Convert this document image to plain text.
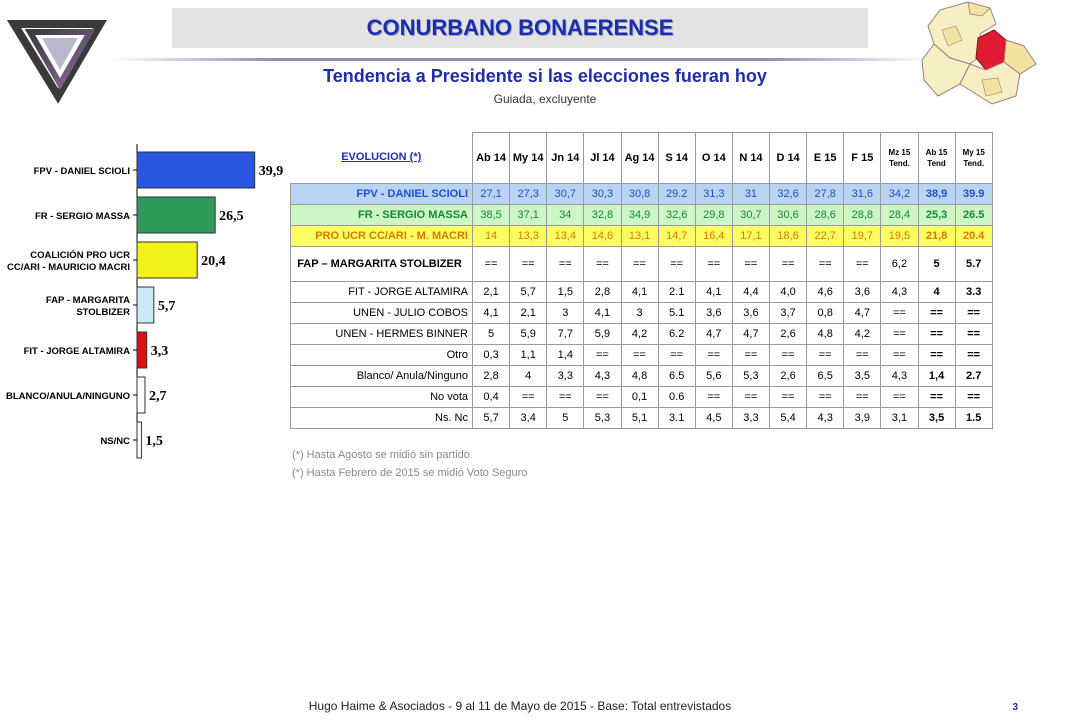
CONURBANO BONAERENSE
Tendencia a Presidente si las elecciones fueran hoy
Guiada, excluyente
39,9
FPV - DANIEL SCIOLI
26,5
FR - SERGIO MASSA
20,4
COALICIÓN PRO UCR
CC/ARI - MAURICIO MACRI
5,7
FAP - MARGARITA
STOLBIZER
3,3
FIT - JORGE ALTAMIRA
2,7
BLANCO/ANULA/NINGUNO
1,5
NS/NC
EVOLUCION (*)	Ab 14	My 14	Jn 14	Jl 14	Ag 14	S 14	O 14	N 14	D 14	E 15	F 15	Mz 15 Tend.	Ab 15 Tend	My 15 Tend.
FPV - DANIEL SCIOLI	27,1	27,3	30,7	30,3	30,8	29.2	31,3	31	32,6	27,8	31,6	34,2	38,9	39.9
FR - SERGIO MASSA	38,5	37,1	34	32,8	34,9	32,6	29,8	30,7	30,6	28,6	28,8	28,4	25,3	26.5
PRO UCR CC/ARI - M. MACRI	14	13,3	13,4	14,6	13,1	14,7	16,4	17,1	18,6	22,7	19,7	19,5	21,8	20.4
FAP – MARGARITA STOLBIZER	==	==	==	==	==	==	==	==	==	==	==	6,2	5	5.7
FIT - JORGE ALTAMIRA	2,1	5,7	1,5	2,8	4,1	2.1	4,1	4,4	4,0	4,6	3,6	4,3	4	3.3
UNEN - JULIO COBOS	4,1	2,1	3	4,1	3	5.1	3,6	3,6	3,7	0,8	4,7	==	==	==
UNEN - HERMES BINNER	5	5,9	7,7	5,9	4,2	6.2	4,7	4,7	2,6	4,8	4,2	==	==	==
Otro	0,3	1,1	1,4	==	==	==	==	==	==	==	==	==	==	==
Blanco/ Anula/Ninguno	2,8	4	3,3	4,3	4,8	6.5	5,6	5,3	2,6	6,5	3,5	4,3	1,4	2.7
No vota	0,4	==	==	==	0,1	0.6	==	==	==	==	==	==	==	==
Ns. Nc	5,7	3,4	5	5,3	5,1	3.1	4,5	3,3	5,4	4,3	3,9	3,1	3,5	1.5
(*) Hasta Agosto se midió sin partido
(*) Hasta Febrero de 2015 se midió Voto Seguro
Hugo Haime & Asociados - 9 al 11 de Mayo de 2015 - Base: Total entrevistados	3
